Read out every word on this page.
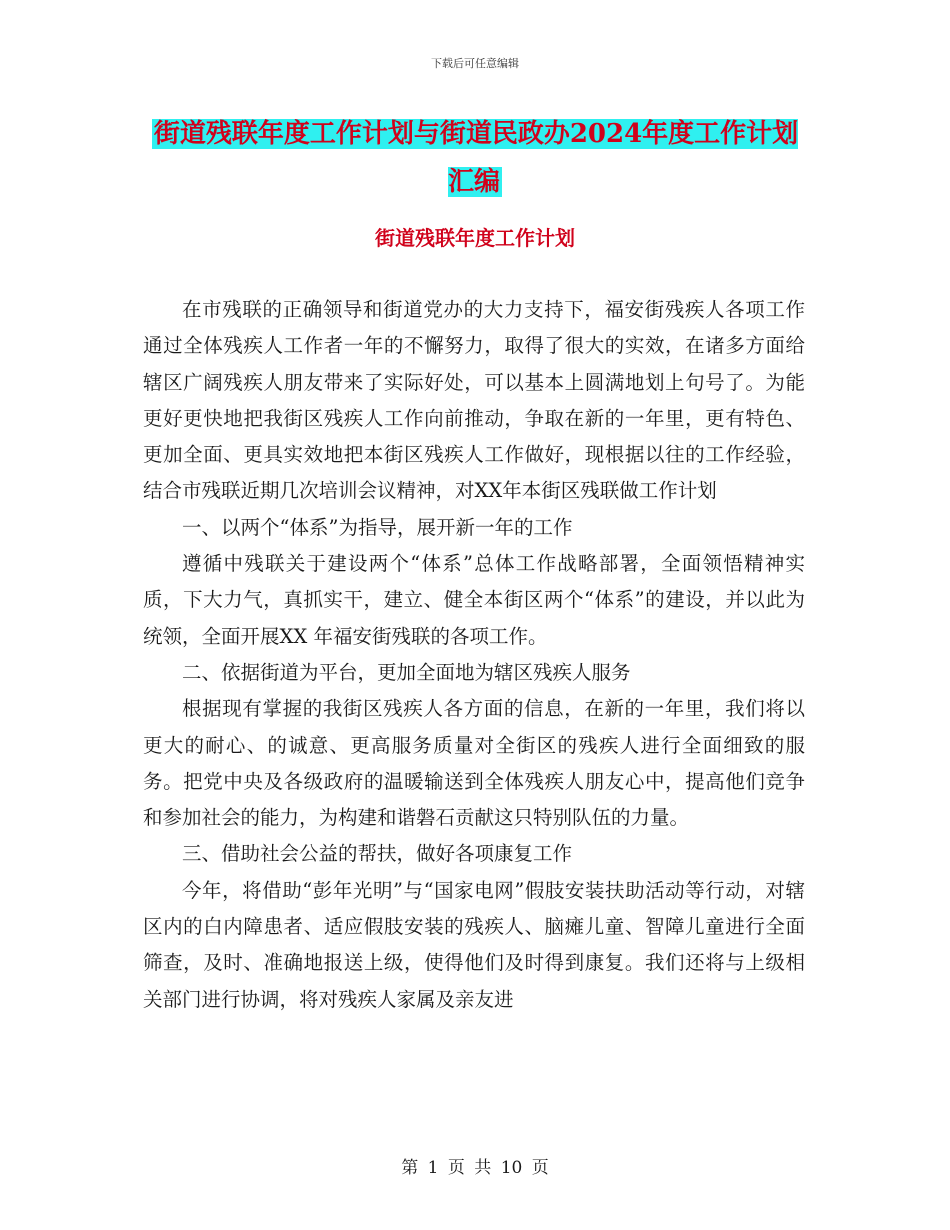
下载后可任意编辑
街道残联年度工作计划与街道民政办2024年度工作计划汇编
街道残联年度工作计划

在市残联的正确领导和街道党办的大力支持下，福安街残疾人各项工作通过全体残疾人工作者一年的不懈努力，取得了很大的实效，在诸多方面给辖区广阔残疾人朋友带来了实际好处，可以基本上圆满地划上句号了。为能更好更快地把我街区残疾人工作向前推动，争取在新的一年里，更有特色、更加全面、更具实效地把本街区残疾人工作做好，现根据以往的工作经验，结合市残联近期几次培训会议精神，对XX年本街区残联做工作计划

一、以两个“体系”为指导，展开新一年的工作

遵循中残联关于建设两个“体系”总体工作战略部署，全面领悟精神实质，下大力气，真抓实干，建立、健全本街区两个“体系”的建设，并以此为统领，全面开展XX 年福安街残联的各项工作。

二、依据街道为平台，更加全面地为辖区残疾人服务

根据现有掌握的我街区残疾人各方面的信息，在新的一年里，我们将以更大的耐心、的诚意、更高服务质量对全街区的残疾人进行全面细致的服务。把党中央及各级政府的温暖输送到全体残疾人朋友心中，提高他们竞争和参加社会的能力，为构建和谐磐石贡献这只特别队伍的力量。

三、借助社会公益的帮扶，做好各项康复工作

今年，将借助“彭年光明”与“国家电网”假肢安装扶助活动等行动，对辖区内的白内障患者、适应假肢安装的残疾人、脑瘫儿童、智障儿童进行全面筛查，及时、准确地报送上级，使得他们及时得到康复。我们还将与上级相关部门进行协调，将对残疾人家属及亲友进

第 1 页 共 10 页
